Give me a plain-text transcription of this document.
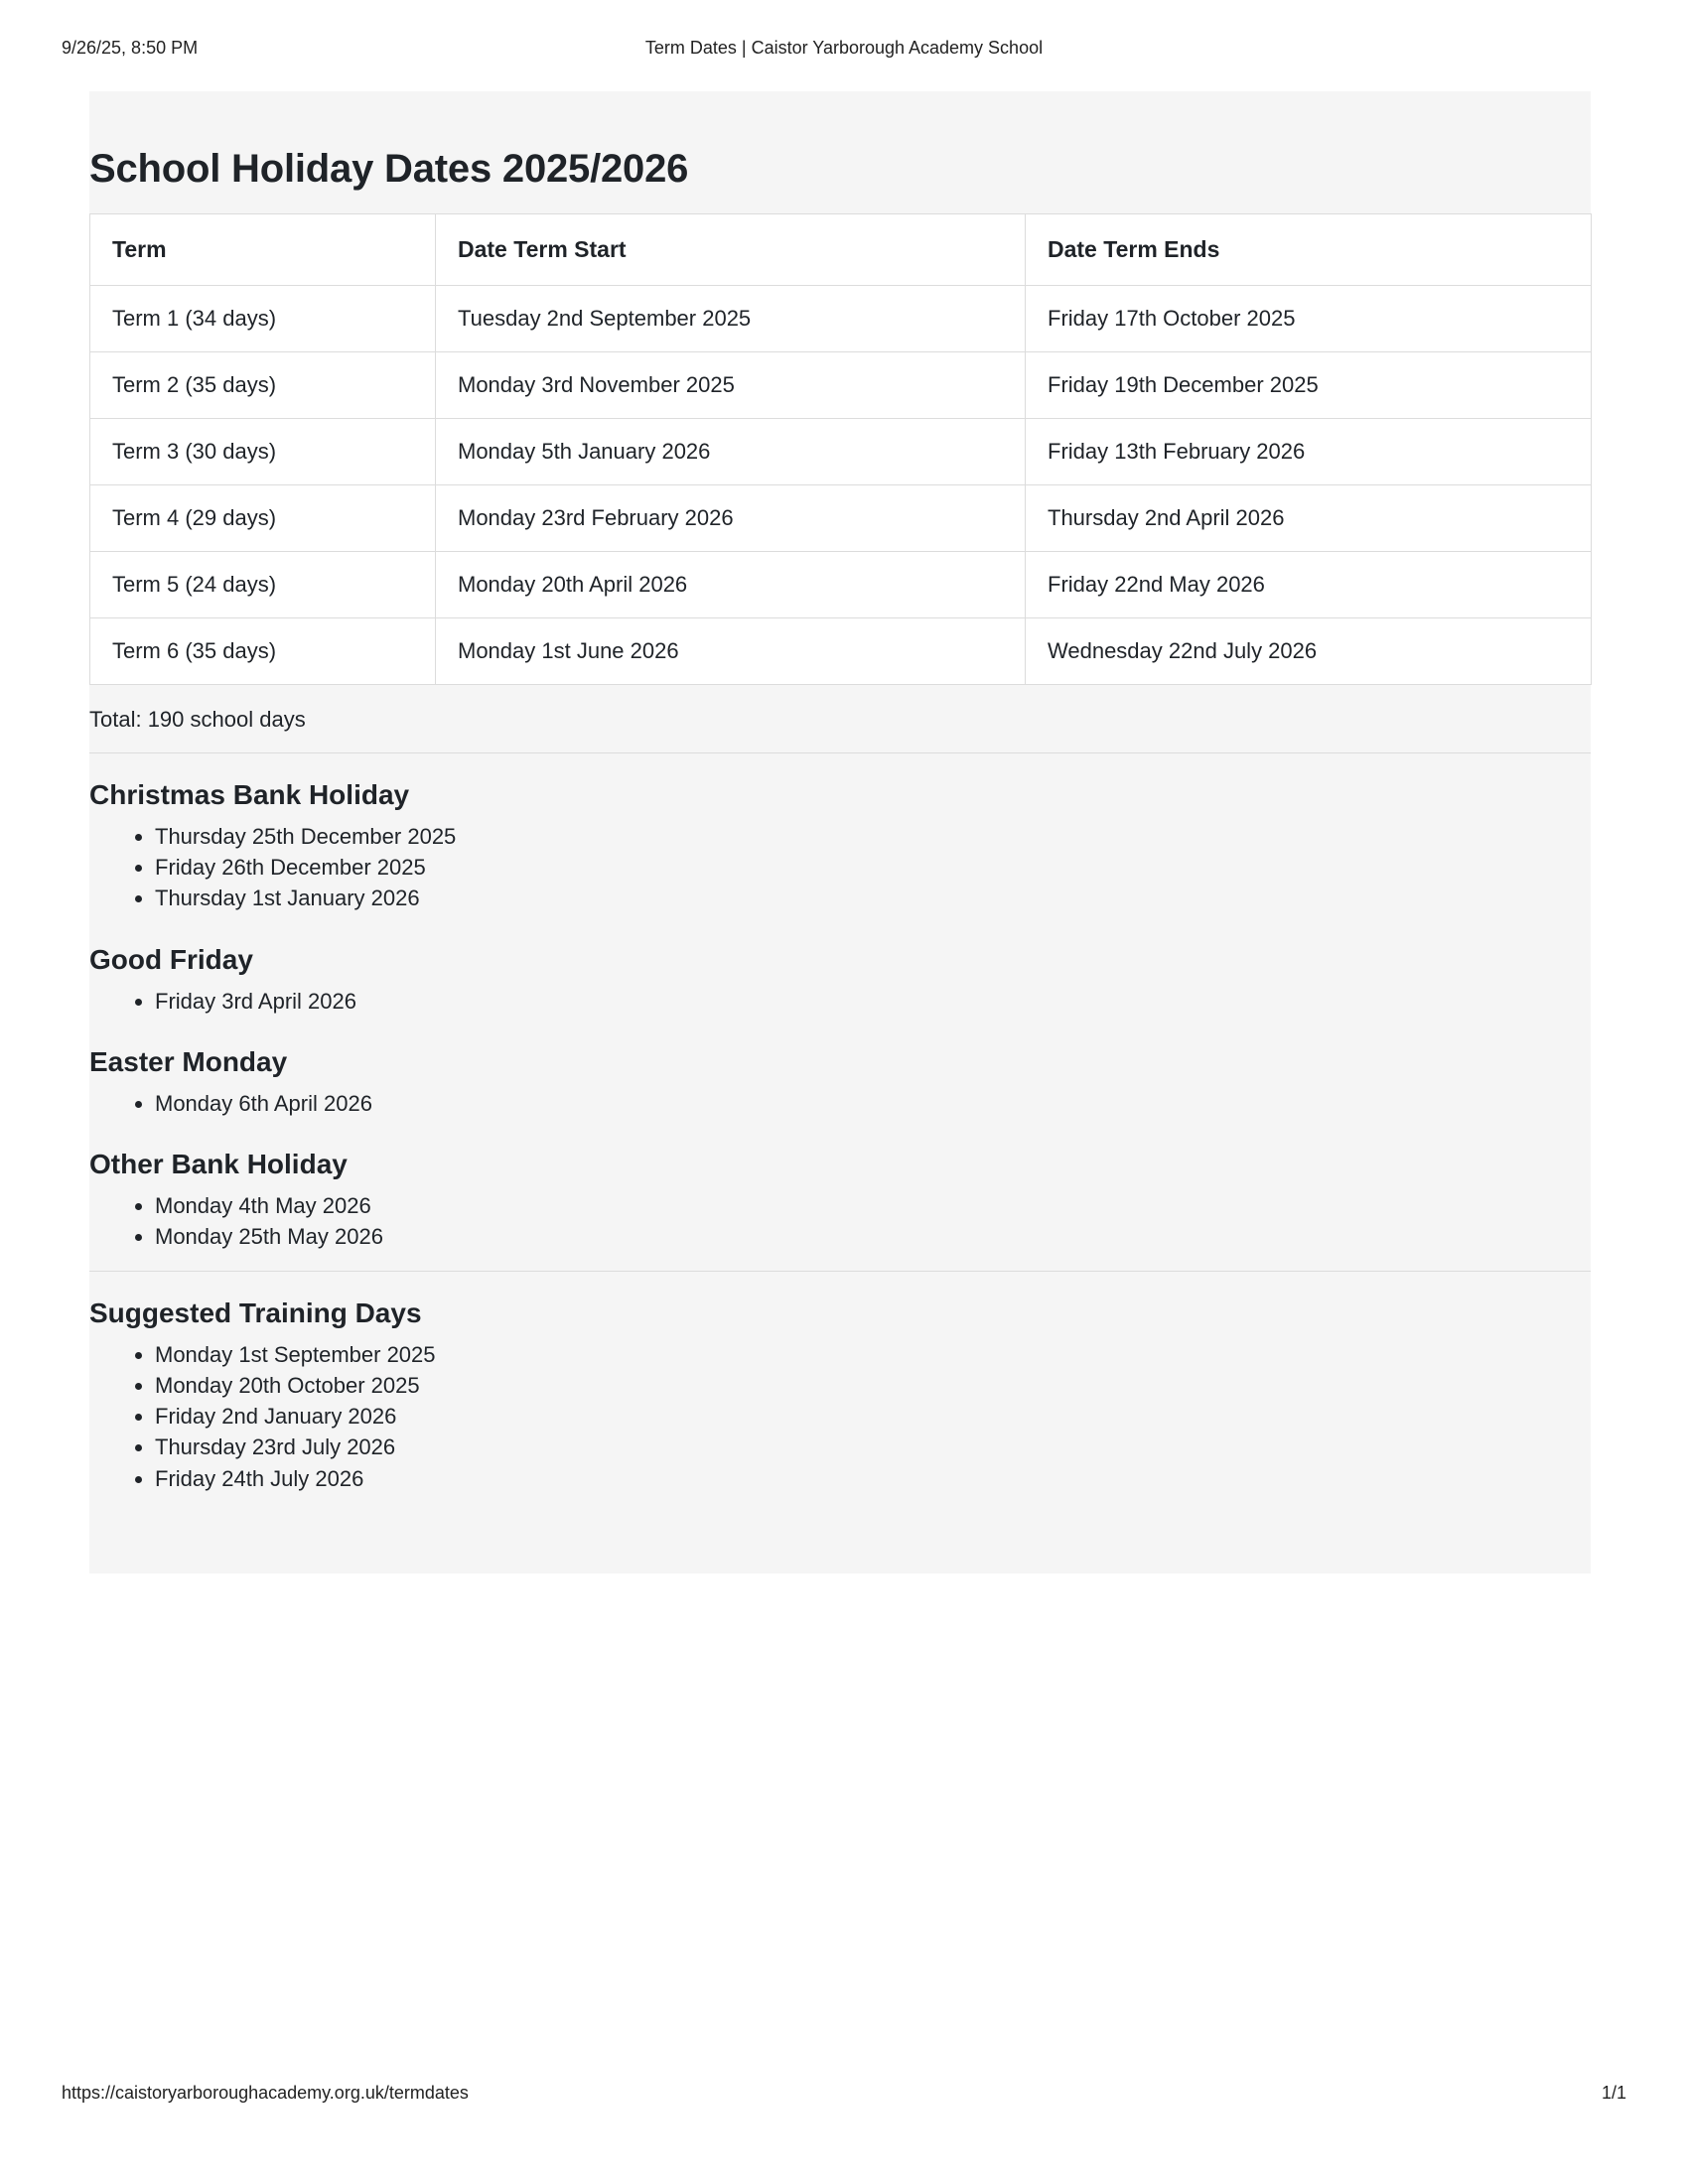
9/26/25, 8:50 PM	Term Dates | Caistor Yarborough Academy School
School Holiday Dates 2025/2026
Term	Date Term Start	Date Term Ends
Term 1 (34 days)	Tuesday 2nd September 2025	Friday 17th October 2025
Term 2 (35 days)	Monday 3rd November 2025	Friday 19th December 2025
Term 3 (30 days)	Monday 5th January 2026	Friday 13th February 2026
Term 4 (29 days)	Monday 23rd February 2026	Thursday 2nd April 2026
Term 5 (24 days)	Monday 20th April 2026	Friday 22nd May 2026
Term 6 (35 days)	Monday 1st June 2026	Wednesday 22nd July 2026
Total: 190 school days
Christmas Bank Holiday
• Thursday 25th December 2025
• Friday 26th December 2025
• Thursday 1st January 2026
Good Friday
• Friday 3rd April 2026
Easter Monday
• Monday 6th April 2026
Other Bank Holiday
• Monday 4th May 2026
• Monday 25th May 2026
Suggested Training Days
• Monday 1st September 2025
• Monday 20th October 2025
• Friday 2nd January 2026
• Thursday 23rd July 2026
• Friday 24th July 2026
https://caistoryarboroughacademy.org.uk/termdates	1/1
